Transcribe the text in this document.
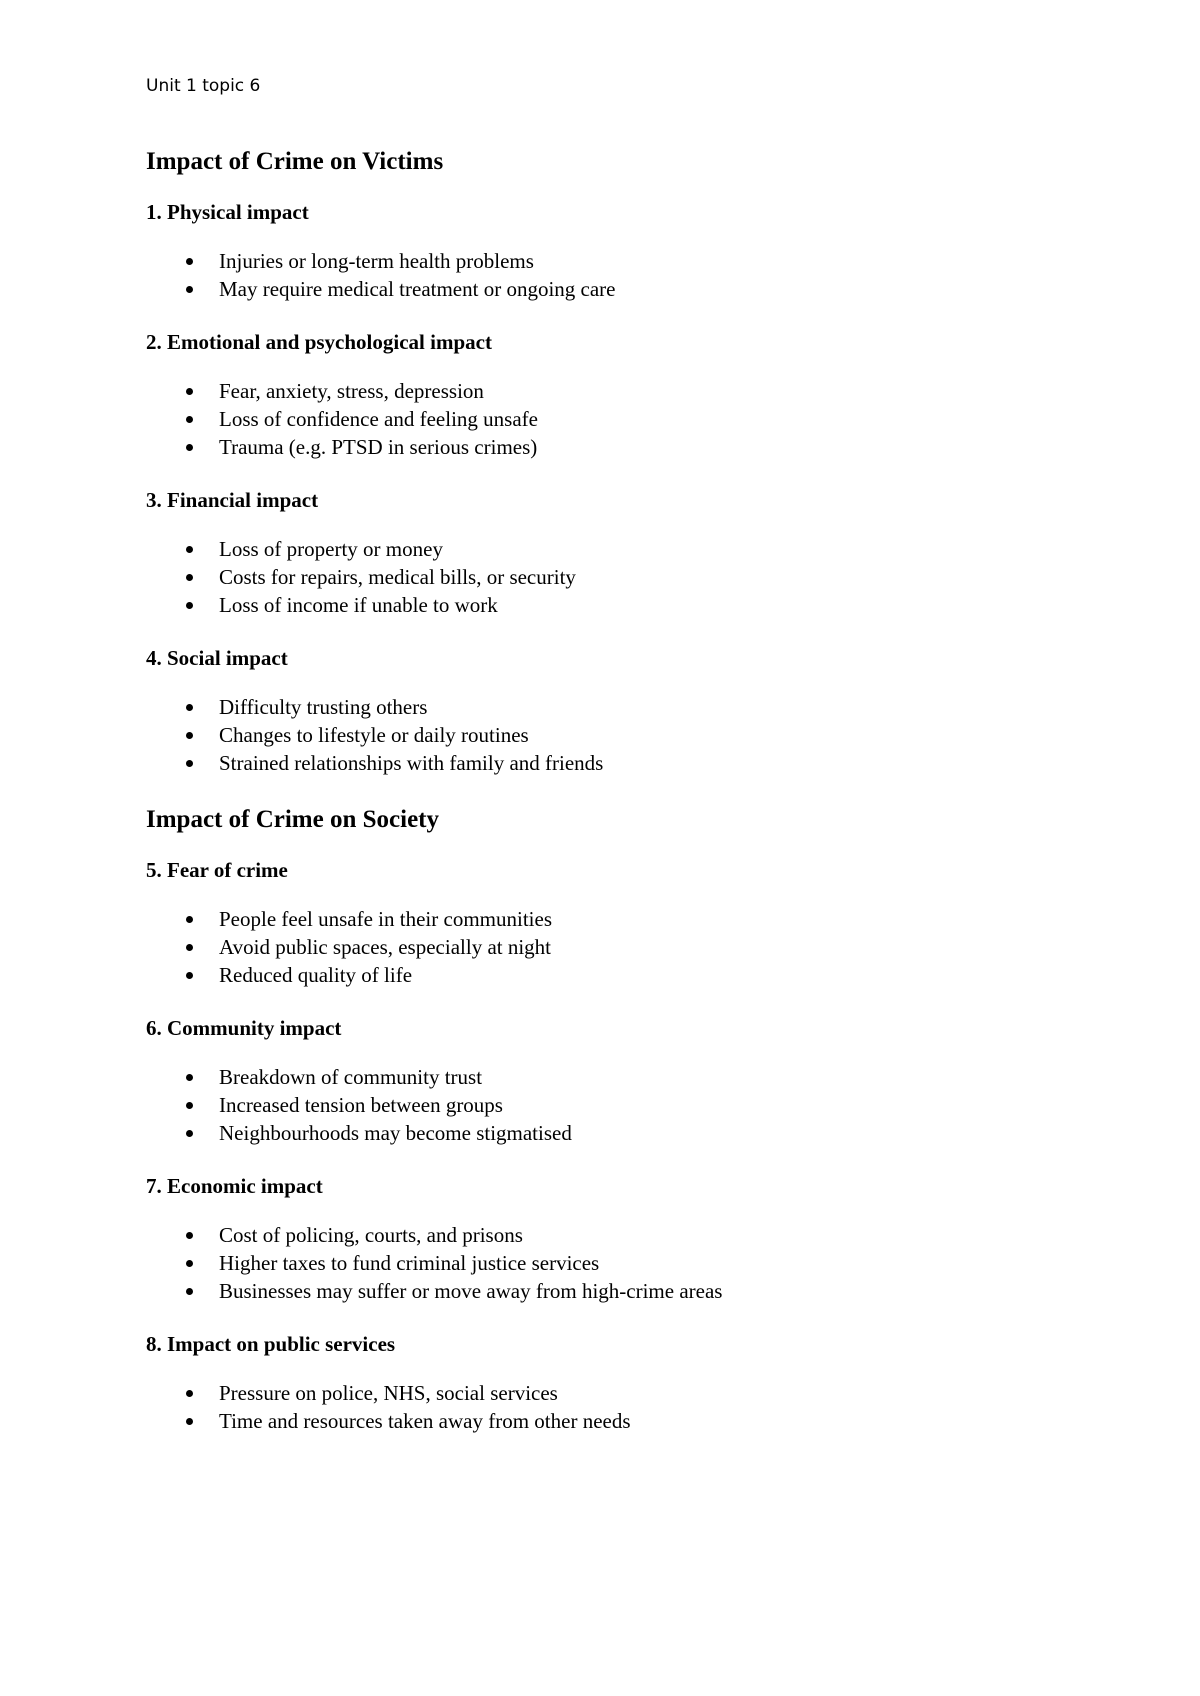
Unit 1 topic 6
Impact of Crime on Victims
1. Physical impact
Injuries or long-term health problems
May require medical treatment or ongoing care
2. Emotional and psychological impact
Fear, anxiety, stress, depression
Loss of confidence and feeling unsafe
Trauma (e.g. PTSD in serious crimes)
3. Financial impact
Loss of property or money
Costs for repairs, medical bills, or security
Loss of income if unable to work
4. Social impact
Difficulty trusting others
Changes to lifestyle or daily routines
Strained relationships with family and friends
Impact of Crime on Society
5. Fear of crime
People feel unsafe in their communities
Avoid public spaces, especially at night
Reduced quality of life
6. Community impact
Breakdown of community trust
Increased tension between groups
Neighbourhoods may become stigmatised
7. Economic impact
Cost of policing, courts, and prisons
Higher taxes to fund criminal justice services
Businesses may suffer or move away from high-crime areas
8. Impact on public services
Pressure on police, NHS, social services
Time and resources taken away from other needs
